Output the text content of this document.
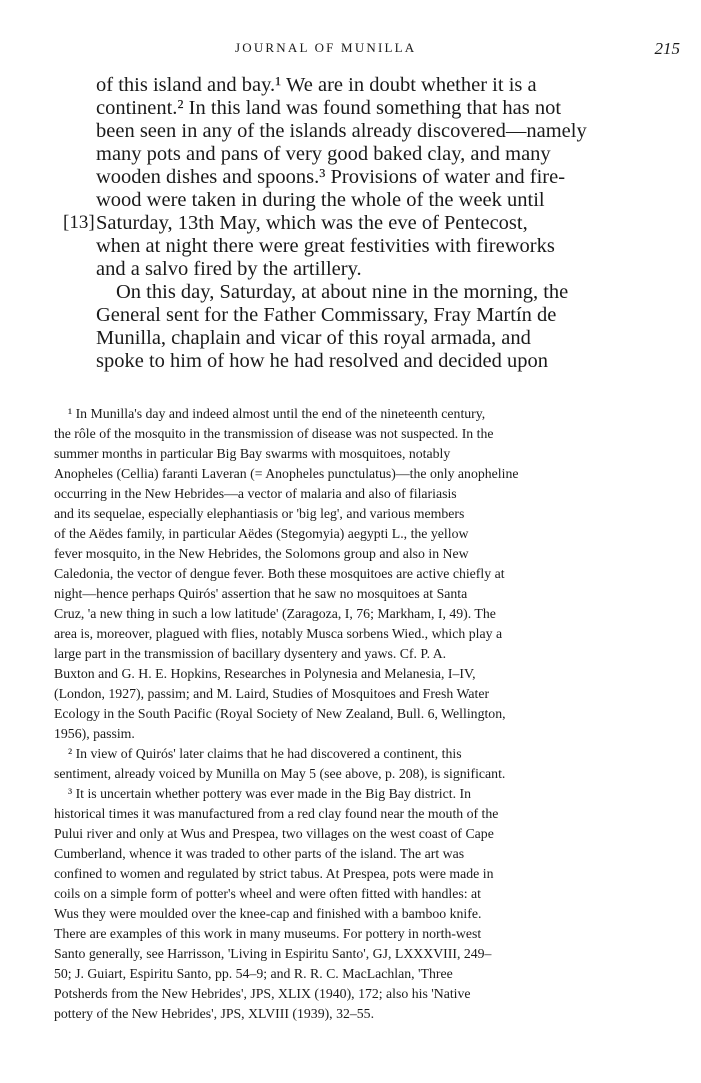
JOURNAL OF MUNILLA	215
[13]
of this island and bay.¹ We are in doubt whether it is a
continent.² In this land was found something that has not
been seen in any of the islands already discovered—namely
many pots and pans of very good baked clay, and many
wooden dishes and spoons.³ Provisions of water and fire-
wood were taken in during the whole of the week until
Saturday, 13th May, which was the eve of Pentecost,
when at night there were great festivities with fireworks
and a salvo fired by the artillery.
On this day, Saturday, at about nine in the morning, the
General sent for the Father Commissary, Fray Martín de
Munilla, chaplain and vicar of this royal armada, and
spoke to him of how he had resolved and decided upon
¹ In Munilla's day and indeed almost until the end of the nineteenth century,
the rôle of the mosquito in the transmission of disease was not suspected. In the
summer months in particular Big Bay swarms with mosquitoes, notably
Anopheles (Cellia) faranti Laveran (= Anopheles punctulatus)—the only anopheline
occurring in the New Hebrides—a vector of malaria and also of filariasis
and its sequelae, especially elephantiasis or 'big leg', and various members
of the Aëdes family, in particular Aëdes (Stegomyia) aegypti L., the yellow
fever mosquito, in the New Hebrides, the Solomons group and also in New
Caledonia, the vector of dengue fever. Both these mosquitoes are active chiefly at
night—hence perhaps Quirós' assertion that he saw no mosquitoes at Santa
Cruz, 'a new thing in such a low latitude' (Zaragoza, I, 76; Markham, I, 49). The
area is, moreover, plagued with flies, notably Musca sorbens Wied., which play a
large part in the transmission of bacillary dysentery and yaws. Cf. P. A.
Buxton and G. H. E. Hopkins, Researches in Polynesia and Melanesia, I–IV,
(London, 1927), passim; and M. Laird, Studies of Mosquitoes and Fresh Water
Ecology in the South Pacific (Royal Society of New Zealand, Bull. 6, Wellington,
1956), passim.
² In view of Quirós' later claims that he had discovered a continent, this
sentiment, already voiced by Munilla on May 5 (see above, p. 208), is significant.
³ It is uncertain whether pottery was ever made in the Big Bay district. In
historical times it was manufactured from a red clay found near the mouth of the
Pului river and only at Wus and Prespea, two villages on the west coast of Cape
Cumberland, whence it was traded to other parts of the island. The art was
confined to women and regulated by strict tabus. At Prespea, pots were made in
coils on a simple form of potter's wheel and were often fitted with handles: at
Wus they were moulded over the knee-cap and finished with a bamboo knife.
There are examples of this work in many museums. For pottery in north-west
Santo generally, see Harrisson, 'Living in Espiritu Santo', GJ, LXXXVIII, 249–
50; J. Guiart, Espiritu Santo, pp. 54–9; and R. R. C. MacLachlan, 'Three
Potsherds from the New Hebrides', JPS, XLIX (1940), 172; also his 'Native
pottery of the New Hebrides', JPS, XLVIII (1939), 32–55.
